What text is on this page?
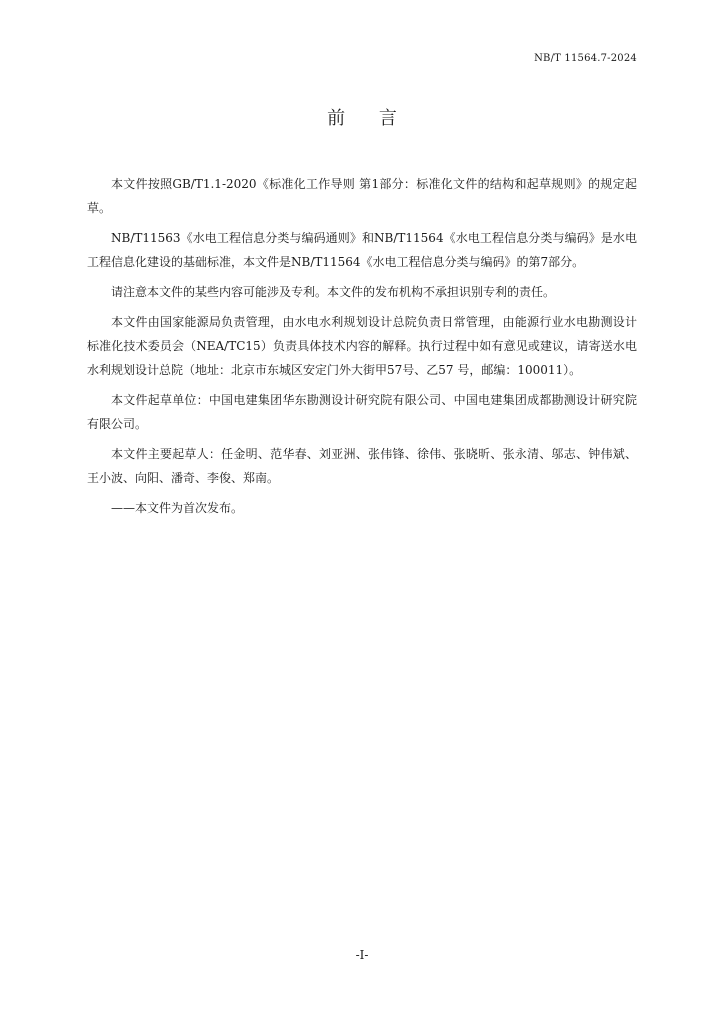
NB/T 11564.7-2024
前 言

本文件按照GB/T1.1-2020《标准化工作导则 第1部分：标准化文件的结构和起草规则》的规定起草。

NB/T11563《水电工程信息分类与编码通则》和NB/T11564《水电工程信息分类与编码》是水电工程信息化建设的基础标准，本文件是NB/T11564《水电工程信息分类与编码》的第7部分。

请注意本文件的某些内容可能涉及专利。本文件的发布机构不承担识别专利的责任。

本文件由国家能源局负责管理，由水电水利规划设计总院负责日常管理，由能源行业水电勘测设计标准化技术委员会（NEA/TC15）负责具体技术内容的解释。执行过程中如有意见或建议，请寄送水电水利规划设计总院（地址：北京市东城区安定门外大街甲57号、乙57 号，邮编：100011）。

本文件起草单位：中国电建集团华东勘测设计研究院有限公司、中国电建集团成都勘测设计研究院有限公司。

本文件主要起草人：任金明、范华春、刘亚洲、张伟锋、徐伟、张晓昕、张永清、邬志、钟伟斌、王小波、向阳、潘奇、李俊、郑南。

——本文件为首次发布。

-I-
